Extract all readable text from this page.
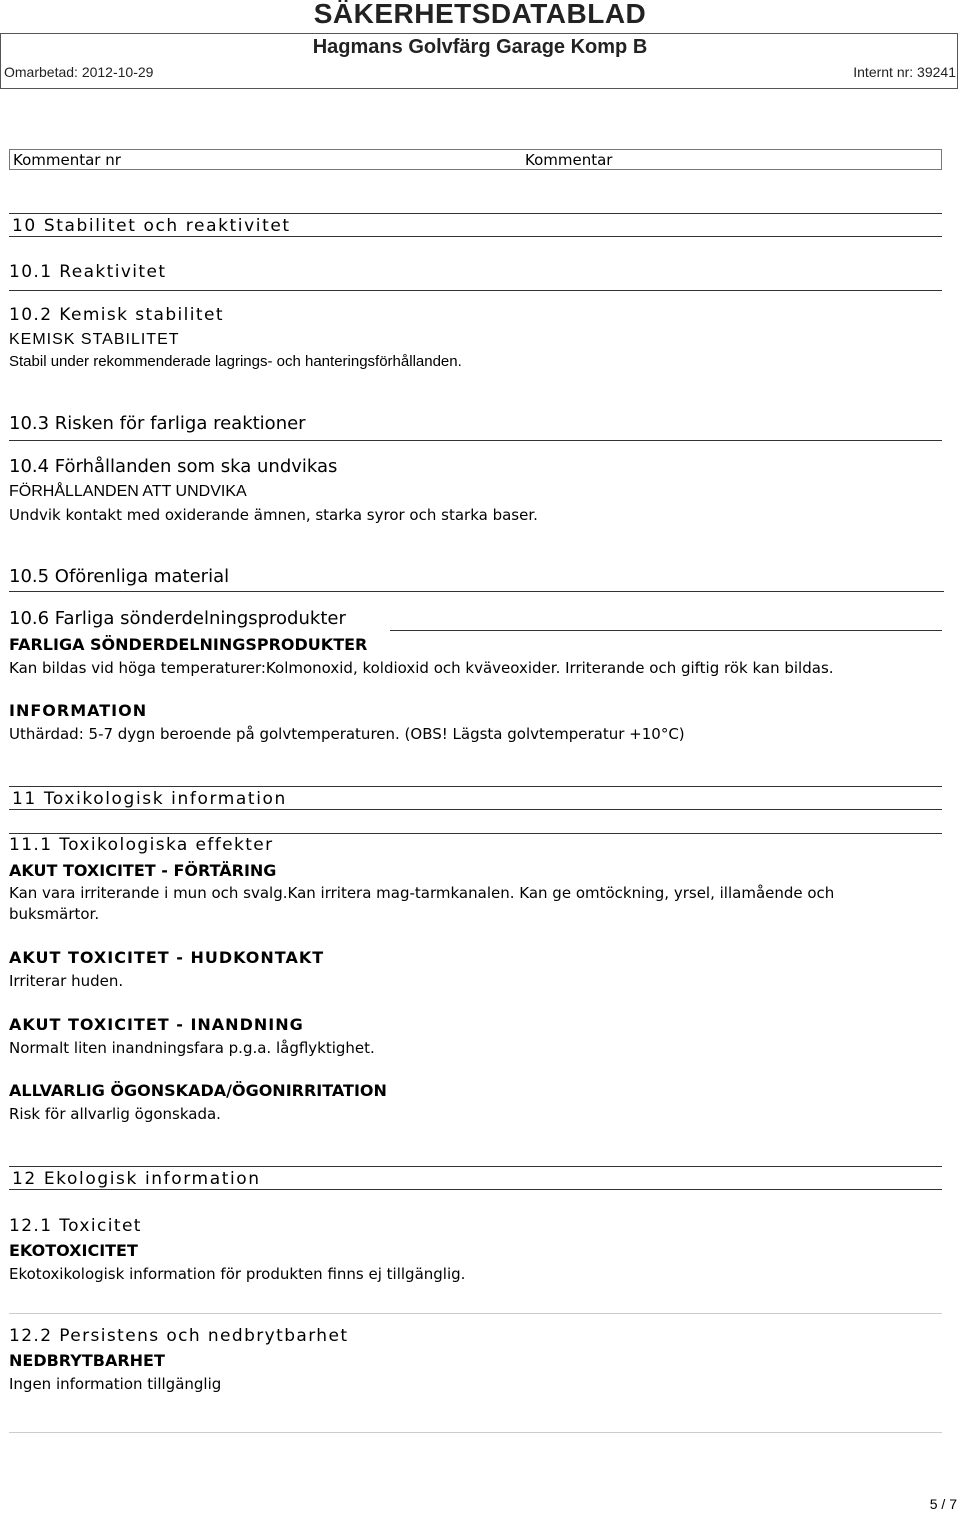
SÄKERHETSDATABLAD
Hagmans Golvfärg Garage Komp B
Omarbetad: 2012-10-29	Internt nr: 39241
Kommentar nr	Kommentar
10 Stabilitet och reaktivitet
10.1 Reaktivitet
10.2 Kemisk stabilitet
KEMISK STABILITET
Stabil under rekommenderade lagrings- och hanteringsförhållanden.
10.3 Risken för farliga reaktioner
10.4 Förhållanden som ska undvikas
FÖRHÅLLANDEN ATT UNDVIKA
Undvik kontakt med oxiderande ämnen, starka syror och starka baser.
10.5 Oförenliga material
10.6 Farliga sönderdelningsprodukter
FARLIGA SÖNDERDELNINGSPRODUKTER
Kan bildas vid höga temperaturer:Kolmonoxid, koldioxid och kväveoxider. Irriterande och giftig rök kan bildas.
INFORMATION
Uthärdad: 5-7 dygn beroende på golvtemperaturen. (OBS! Lägsta golvtemperatur +10°C)
11 Toxikologisk information
11.1 Toxikologiska effekter
AKUT TOXICITET - FÖRTÄRING
Kan vara irriterande i mun och svalg.Kan irritera mag-tarmkanalen. Kan ge omtöckning, yrsel, illamående och
buksmärtor.
AKUT TOXICITET - HUDKONTAKT
Irriterar huden.
AKUT TOXICITET - INANDNING
Normalt liten inandningsfara p.g.a. lågflyktighet.
ALLVARLIG ÖGONSKADA/ÖGONIRRITATION
Risk för allvarlig ögonskada.
12 Ekologisk information
12.1 Toxicitet
EKOTOXICITET
Ekotoxikologisk information för produkten finns ej tillgänglig.
12.2 Persistens och nedbrytbarhet
NEDBRYTBARHET
Ingen information tillgänglig
5 / 7
